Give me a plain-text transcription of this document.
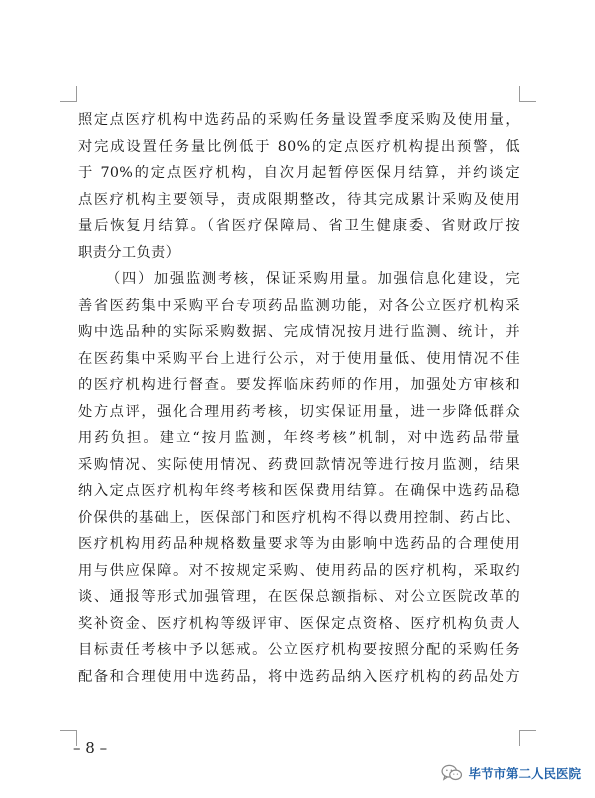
照定点医疗机构中选药品的采购任务量设置季度采购及使用量，
对完成设置任务量比例低于 80%的定点医疗机构提出预警，低
于 70%的定点医疗机构，自次月起暂停医保月结算，并约谈定
点医疗机构主要领导，责成限期整改，待其完成累计采购及使用
量后恢复月结算。（省医疗保障局、省卫生健康委、省财政厅按
职责分工负责）
（四）加强监测考核，保证采购用量。加强信息化建设，完
善省医药集中采购平台专项药品监测功能，对各公立医疗机构采
购中选品种的实际采购数据、完成情况按月进行监测、统计，并
在医药集中采购平台上进行公示，对于使用量低、使用情况不佳
的医疗机构进行督查。要发挥临床药师的作用，加强处方审核和
处方点评，强化合理用药考核，切实保证用量，进一步降低群众
用药负担。建立“按月监测，年终考核”机制，对中选药品带量
采购情况、实际使用情况、药费回款情况等进行按月监测，结果
纳入定点医疗机构年终考核和医保费用结算。在确保中选药品稳
价保供的基础上，医保部门和医疗机构不得以费用控制、药占比、
医疗机构用药品种规格数量要求等为由影响中选药品的合理使用
用与供应保障。对不按规定采购、使用药品的医疗机构，采取约
谈、通报等形式加强管理，在医保总额指标、对公立医院改革的
奖补资金、医疗机构等级评审、医保定点资格、医疗机构负责人
目标责任考核中予以惩戒。公立医疗机构要按照分配的采购任务
配备和合理使用中选药品，将中选药品纳入医疗机构的药品处方
– 8 –
毕节市第二人民医院
